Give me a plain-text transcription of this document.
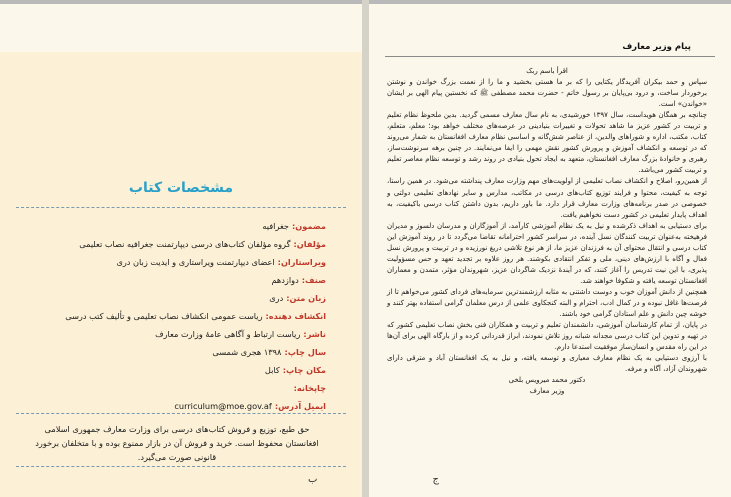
مشخصات کتاب
مضمون:جغرافیه
مؤلفان:گروه مؤلفان کتاب‌های درسی دیپارتمنت جغرافیه نصاب تعلیمی
ویراستاران:اعضای دیپارتمنت ویراستاری و ایدیت زبان دری
صنف:دوازدهم
زبان متن:دری
انکشاف دهنده:ریاست عمومی انکشاف نصاب تعلیمی و تألیف کتب درسی
ناشر:ریاست ارتباط و آگاهی عامهٔ وزارت معارف
سال چاپ:۱۳۹۸ هجری شمسی
مکان چاپ:کابل
چاپخانه:
ایمیل آدرس:curriculum@moe.gov.af
حق طبع، توزیع و فروش کتاب‌های درسی برای وزارت معارف جمهوری اسلامی افغانستان محفوظ است. خرید و فروش آن در بازار ممنوع بوده و با متخلفان برخورد قانونی صورت می‌گیرد.
ب
پیام وزیر معارف

اقرأ باسم ربک

سپاس و حمد بیکران آفریدگار یکتایی را که بر ما هستی بخشید و ما را از نعمت بزرگ خواندن و نوشتن برخوردار ساخت، و درود بی‌پایان بر رسول خاتم - حضرت محمد مصطفی ﷺ که نخستین پیام الهی بر ایشان «خواندن» است.

چنانچه بر همگان هویداست، سال ۱۳۹۷ خورشیدی، به نام سال معارف مسمی گردید. بدین ملحوظ نظام تعلیم و تربیت در کشور عزیز ما شاهد تحولات و تغییرات بنیادینی در عرصه‌های مختلف خواهد بود؛ معلم، متعلم، کتاب، مکتب، اداره و شوراهای والدین، از عناصر شش‌گانه و اساسی نظام معارف افغانستان به شمار می‌روند که در توسعه و انکشاف آموزش و پرورش کشور نقش مهمی را ایفا می‌نمایند. در چنین برهه سرنوشت‌ساز، رهبری و خانوادهٔ بزرگ معارف افغانستان، متعهد به ایجاد تحول بنیادی در روند رشد و توسعه نظام معاصر تعلیم و تربیت کشور می‌باشد.

از همین‌رو، اصلاح و انکشاف نصاب تعلیمی از اولویت‌های مهم وزارت معارف پنداشته می‌شود. در همین راستا، توجه به کیفیت، محتوا و فرایند توزیع کتاب‌های درسی در مکاتب، مدارس و سایر نهادهای تعلیمی دولتی و خصوصی در صدر برنامه‌های وزارت معارف قرار دارد. ما باور داریم، بدون داشتن کتاب درسی باکیفیت، به اهداف پایدار تعلیمی در کشور دست نخواهیم یافت.

برای دستیابی به اهداف ذکرشده و نیل به یک نظام آموزشی کارآمد، از آموزگاران و مدرسان دلسوز و مدیران فرهیخته به‌عنوان تربیت کنندگان نسل آینده، در سراسر کشور احترامانه تقاضا می‌گردد تا در روند آموزش این کتاب درسی و انتقال محتوای آن به فرزندان عزیز ما، از هر نوع تلاشی دریغ نورزیده و در تربیت و پرورش نسل فعال و آگاه با ارزش‌های دینی، ملی و تفکر انتقادی بکوشند. هر روز علاوه بر تجدید تعهد و حس مسؤولیت پذیری، با این نیت تدریس را آغاز کنند، که در آیندهٔ نزدیک شاگردان عزیز، شهروندان مؤثر، متمدن و معماران افغانستان توسعه یافته و شکوفا خواهند شد.

همچنین از دانش آموزان خوب و دوست داشتنی به مثابه ارزشمندترین سرمایه‌های فردای کشور می‌خواهم تا از فرصت‌ها غافل نبوده و در کمال ادب، احترام و البته کنجکاوی علمی از درس معلمان گرامی استفاده بهتر کنند و خوشه چین دانش و علم استادان گرامی خود باشند.

در پایان، از تمام کارشناسان آموزشی، دانشمندان تعلیم و تربیت و همکاران فنی بخش نصاب تعلیمی کشور که در تهیه و تدوین این کتاب درسی مجدانه شبانه روز تلاش نمودند، ابراز قدردانی کرده و از بارگاه الهی برای آن‌ها در این راه مقدس و انسان‌ساز موفقیت استدعا دارم.

با آرزوی دستیابی به یک نظام معارف معیاری و توسعه یافته، و نیل به یک افغانستان آباد و مترقی دارای شهروندان آزاد، آگاه و مرفه.

دکتور محمد میرویس بلخی

وزیر معارف

ج
